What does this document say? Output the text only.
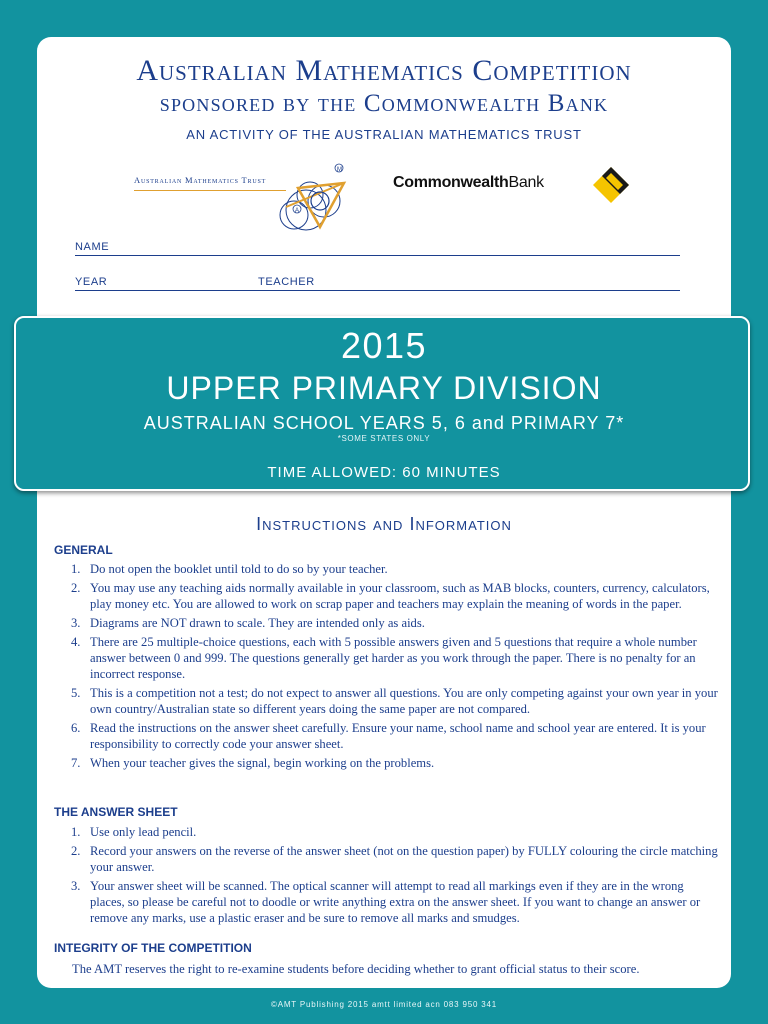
Australian Mathematics Competition
sponsored by the Commonwealth Bank
AN ACTIVITY OF THE AUSTRALIAN MATHEMATICS TRUST
Australian Mathematics Trust
M
A
CommonwealthBank
NAME
YEAR	TEACHER
2015
UPPER PRIMARY DIVISION
AUSTRALIAN SCHOOL YEARS 5, 6 and PRIMARY 7*
*SOME STATES ONLY
TIME ALLOWED: 60 MINUTES
Instructions and Information
GENERAL
1. Do not open the booklet until told to do so by your teacher.
2. You may use any teaching aids normally available in your classroom, such as MAB blocks, counters, currency, calculators, play money etc. You are allowed to work on scrap paper and teachers may explain the meaning of words in the paper.
3. Diagrams are NOT drawn to scale. They are intended only as aids.
4. There are 25 multiple-choice questions, each with 5 possible answers given and 5 questions that require a whole number answer between 0 and 999. The questions generally get harder as you work through the paper. There is no penalty for an incorrect response.
5. This is a competition not a test; do not expect to answer all questions. You are only competing against your own year in your own country/Australian state so different years doing the same paper are not compared.
6. Read the instructions on the answer sheet carefully. Ensure your name, school name and school year are entered. It is your responsibility to correctly code your answer sheet.
7. When your teacher gives the signal, begin working on the problems.
THE ANSWER SHEET
1. Use only lead pencil.
2. Record your answers on the reverse of the answer sheet (not on the question paper) by FULLY colouring the circle matching your answer.
3. Your answer sheet will be scanned. The optical scanner will attempt to read all markings even if they are in the wrong places, so please be careful not to doodle or write anything extra on the answer sheet. If you want to change an answer or remove any marks, use a plastic eraser and be sure to remove all marks and smudges.
INTEGRITY OF THE COMPETITION
The AMT reserves the right to re-examine students before deciding whether to grant official status to their score.
©AMT Publishing 2015 amtt limited acn 083 950 341
